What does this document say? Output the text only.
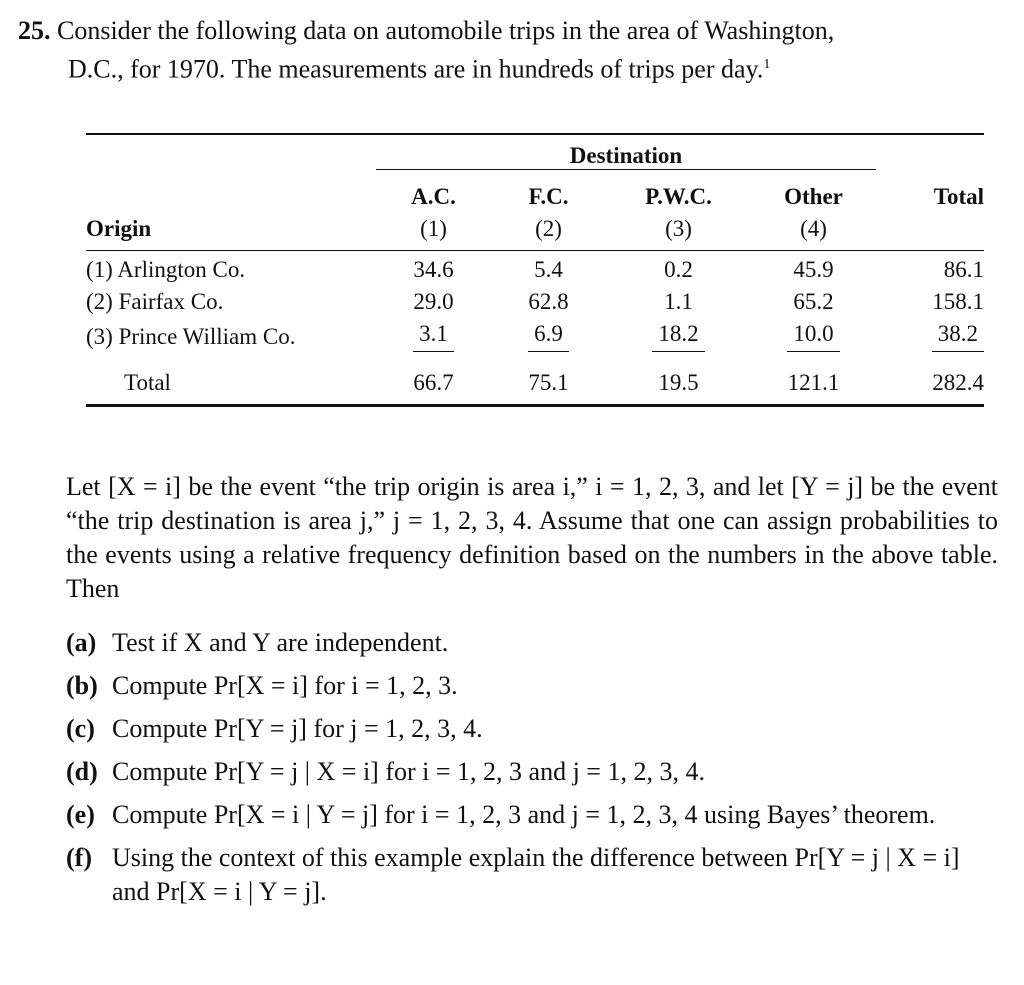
25. Consider the following data on automobile trips in the area of Washington,
D.C., for 1970. The measurements are in hundreds of trips per day.$^1$

	Destination				
	A.C.	F.C.	P.W.C.	Other	Total
Origin	(1)	(2)	(3)	(4)	
(1) Arlington Co.	34.6	5.4	0.2	45.9	86.1
(2) Fairfax Co.	29.0	62.8	1.1	65.2	158.1
(3) Prince William Co.	3.1	6.9	18.2	10.0	38.2
Total	66.7	75.1	19.5	121.1	282.4

Let [X = i] be the event “the trip origin is area i,” i = 1, 2, 3, and let [Y = j] be the event “the trip destination is area j,” j = 1, 2, 3, 4. Assume that one can assign probabilities to the events using a relative frequency definition based on the numbers in the above table. Then

(a) Test if X and Y are independent.
(b) Compute Pr[X = i] for i = 1, 2, 3.
(c) Compute Pr[Y = j] for j = 1, 2, 3, 4.
(d) Compute Pr[Y = j | X = i] for i = 1, 2, 3 and j = 1, 2, 3, 4.
(e) Compute Pr[X = i | Y = j] for i = 1, 2, 3 and j = 1, 2, 3, 4 using Bayes’ theorem.
(f) Using the context of this example explain the difference between Pr[Y = j | X = i] and Pr[X = i | Y = j].
